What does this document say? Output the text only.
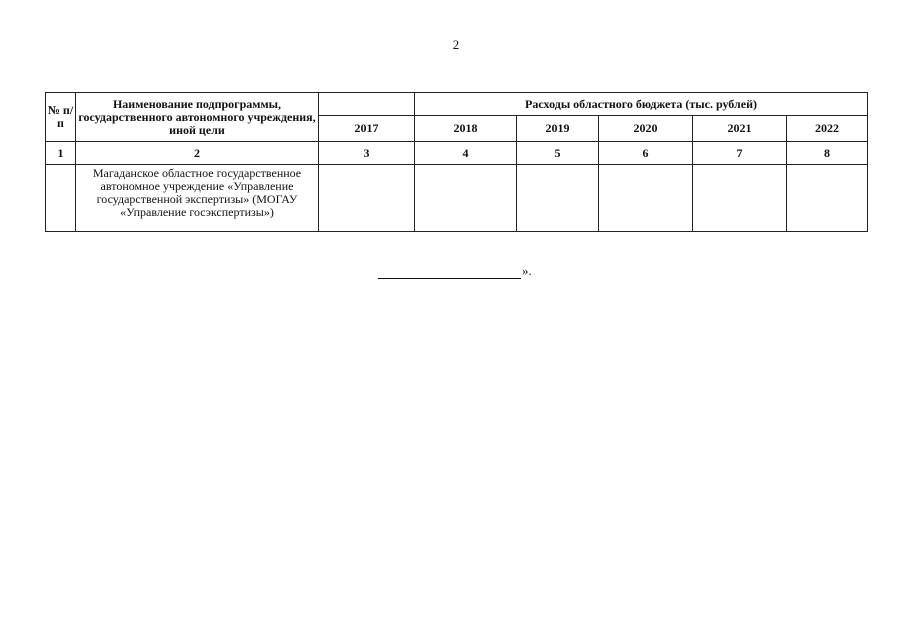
2
№ п/п	Наименование подпрограммы, государственного автономного учреждения, иной цели		Расходы областного бюджета (тыс. рублей)				
		2017	2018	2019	2020	2021	2022
1	2	3	4	5	6	7	8
	Магаданское областное государственное автономное учреждение «Управление государственной экспертизы» (МОГАУ «Управление госэкспертизы»)						
».
